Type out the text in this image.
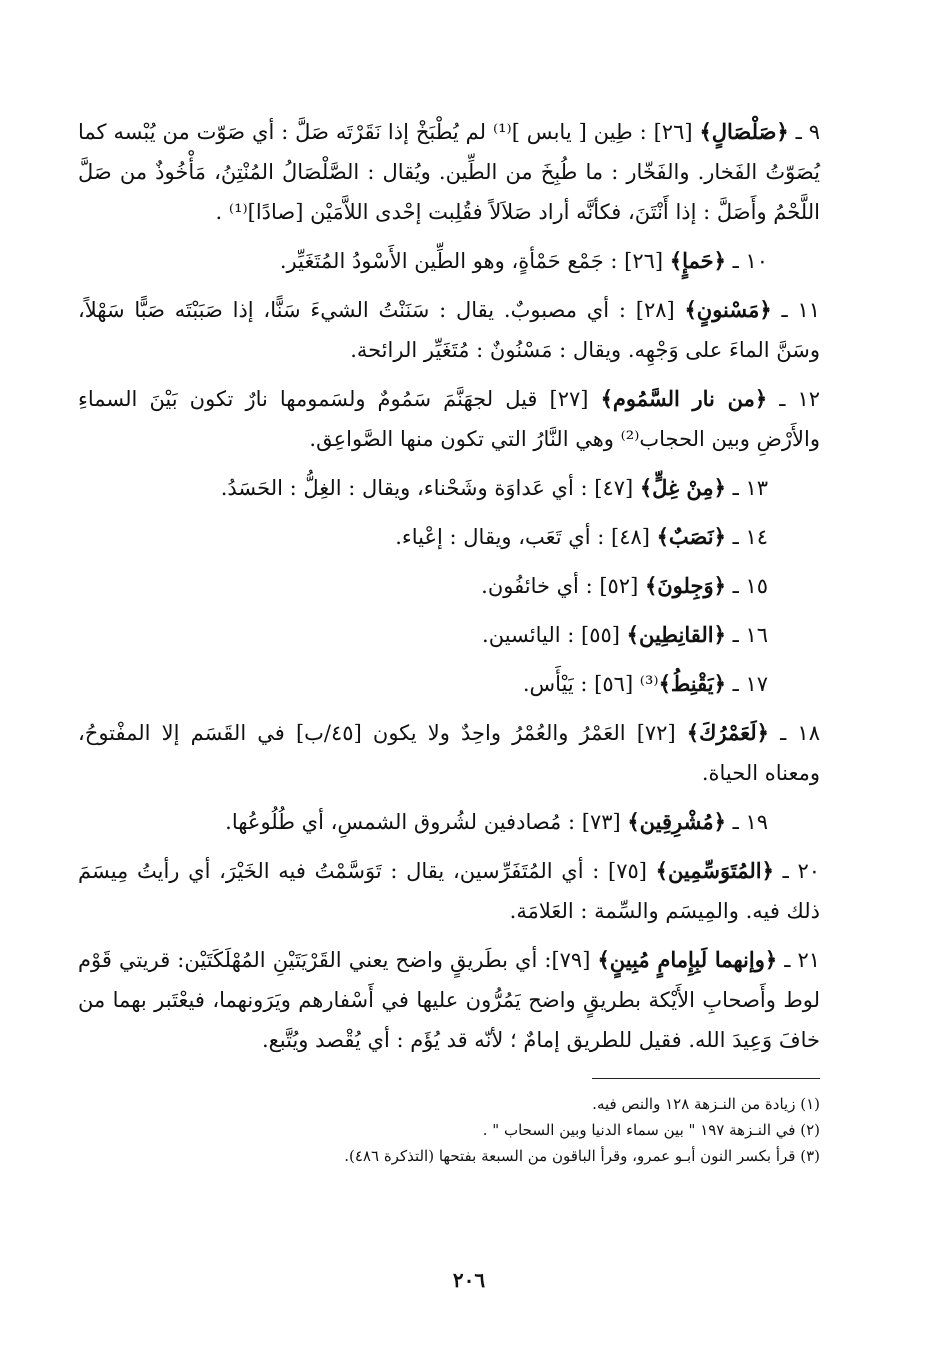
٩ ـ ﴿صَلْصَالٍ﴾ [٢٦] : طِين [ يابس ]⁽¹⁾ لم يُطْبَخْ إذا نَقَرْتَه صَلَّ : أي صَوّت من يُبْسه كما يُصَوّتُ الفَخار. والفَخّار : ما طُبِخَ من الطِّين. ويُقال : الصَّلْصَالُ المُنْتِنُ، مَأْخُوذٌ من صَلَّ اللَّحْمُ وأَصَلَّ : إذا أَنْتَنَ، فكأنَّه أراد صَلاَلاً فقُلِبت إحْدى اللاَّمَيْن [صادًا]⁽¹⁾ .

١٠ ـ ﴿حَمإٍ﴾ [٢٦] : جَمْع حَمْأةٍ، وهو الطِّين الأَسْودُ المُتَغَيِّر.

١١ ـ ﴿مَسْنونٍ﴾ [٢٨] : أي مصبوبٌ. يقال : سَنَنْتُ الشيءَ سَنًّا، إذا صَبَبْتَه صَبًّا سَهْلاً، وسَنَّ الماءَ على وَجْهِه. ويقال : مَسْنُونٌ : مُتَغَيِّر الرائحة.

١٢ ـ ﴿من نار السَّمُوم﴾ [٢٧] قيل لجهَنَّمَ سَمُومٌ ولسَمومها نارٌ تكون بَيْنَ السماءِ والأَرْضِ وبين الحجاب⁽²⁾ وهي النَّارُ التي تكون منها الصَّواعِق.

١٣ ـ ﴿مِنْ غِلٍّ﴾ [٤٧] : أي عَداوَة وشَحْناء، ويقال : الغِلُّ : الحَسَدُ.

١٤ ـ ﴿نَصَبٌ﴾ [٤٨] : أي تَعَب، ويقال : إعْياء.

١٥ ـ ﴿وَجِلونَ﴾ [٥٢] : أي خائفُون.

١٦ ـ ﴿القانِطِين﴾ [٥٥] : اليائسين.

١٧ ـ ﴿يَقْنِطُ﴾⁽³⁾ [٥٦] : يَيْأَس.

١٨ ـ ﴿لَعَمْرُكَ﴾ [٧٢] العَمْرُ والعُمْرُ واحِدٌ ولا يكون [٤٥/ب] في القَسَم إلا المفْتوحُ، ومعناه الحياة.

١٩ ـ ﴿مُشْرِقِين﴾ [٧٣] : مُصادفين لشُروق الشمسِ، أي طُلُوعُها.

٢٠ ـ ﴿المُتَوَسِّمِين﴾ [٧٥] : أي المُتَفَرِّسين، يقال : تَوَسَّمْتُ فيه الخَيْرَ، أي رأيتُ مِيسَمَ ذلك فيه. والمِيسَم والسِّمة : العَلامَة.

٢١ ـ ﴿وإنهما لَبِإِمامٍ مُبِينٍ﴾ [٧٩]: أي بطَريقٍ واضح يعني القَرْيَتَيْنِ المُهْلَكَتَيْن: قريتي قَوْم لوط وأَصحابِ الأَيْكة بطريقٍ واضح يَمُرُّون عليها في أَسْفارهم ويَرَونهما، فيعْتَبر بهما من خافَ وَعِيدَ الله. فقيل للطريق إمامٌ ؛ لأنّه قد يُؤَم : أي يُقْصد ويُتَّبع.

(١) زيادة من النـزهة ١٢٨ والنص فيه.
(٢) في النـزهة ١٩٧ " بين سماء الدنيا وبين السحاب " .
(٣) قرأ بكسر النون أبـو عمرو، وقرأ الباقون من السبعة بفتحها (التذكرة ٤٨٦).
٢٠٦
